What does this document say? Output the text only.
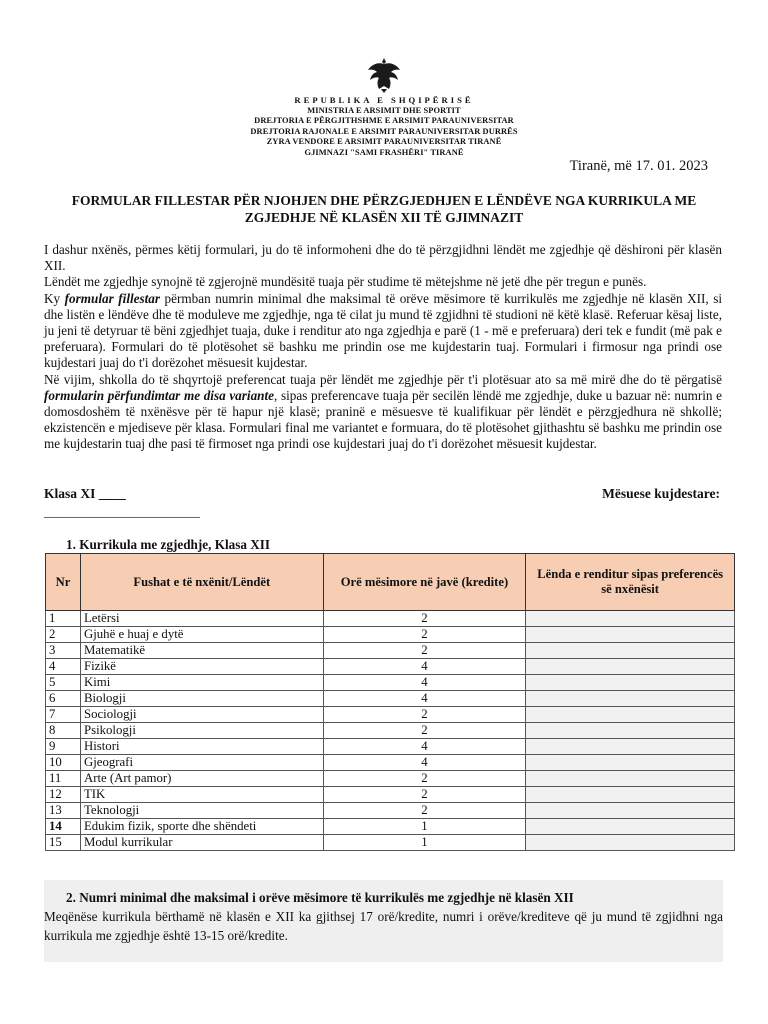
REPUBLIKA E SHQIPËRISË
MINISTRIA E ARSIMIT DHE SPORTIT
DREJTORIA E PËRGJITHSHME E ARSIMIT PARAUNIVERSITAR
DREJTORIA RAJONALE E ARSIMIT PARAUNIVERSITAR DURRËS
ZYRA VENDORE E ARSIMIT PARAUNIVERSITAR TIRANË
GJIMNAZI "SAMI FRASHËRI" TIRANË
Tiranë, më 17. 01. 2023
FORMULAR FILLESTAR PËR NJOHJEN DHE PËRZGJEDHJEN E LËNDËVE NGA KURRIKULA ME ZGJEDHJE NË KLASËN XII TË GJIMNAZIT

I dashur nxënës, përmes këtij formulari, ju do të informoheni dhe do të përzgjidhni lëndët me zgjedhje që dëshironi për klasën XII.

Lëndët me zgjedhje synojnë të zgjerojnë mundësitë tuaja për studime të mëtejshme në jetë dhe për tregun e punës.

Ky formular fillestar përmban numrin minimal dhe maksimal të orëve mësimore të kurrikulës me zgjedhje në klasën XII, si dhe listën e lëndëve dhe të moduleve me zgjedhje, nga të cilat ju mund të zgjidhni të studioni në këtë klasë. Referuar kësaj liste, ju jeni të detyruar të bëni zgjedhjet tuaja, duke i renditur ato nga zgjedhja e parë (1 - më e preferuara) deri tek e fundit (më pak e preferuara). Formulari do të plotësohet së bashku me prindin ose me kujdestarin tuaj. Formulari i firmosur nga prindi ose kujdestari juaj do t'i dorëzohet mësuesit kujdestar.

Në vijim, shkolla do të shqyrtojë preferencat tuaja për lëndët me zgjedhje për t'i plotësuar ato sa më mirë dhe do të përgatisë formularin përfundimtar me disa variante, sipas preferencave tuaja për secilën lëndë me zgjedhje, duke u bazuar në: numrin e domosdoshëm të nxënësve për të hapur një klasë; praninë e mësuesve të kualifikuar për lëndët e përzgjedhura në shkollë; ekzistencën e mjediseve për klasa. Formulari final me variantet e formuara, do të plotësohet gjithashtu së bashku me prindin ose me kujdestarin tuaj dhe pasi të firmoset nga prindi ose kujdestari juaj do t'i dorëzohet mësuesit kujdestar.

Klasa XI ____	Mësuese kujdestare:
________________________
1. Kurrikula me zgjedhje, Klasa XII
Nr	Fushat e të nxënit/Lëndët	Orë mësimore në javë (kredite)	Lënda e renditur sipas preferencës së nxënësit
1	Letërsi	2	
2	Gjuhë e huaj e dytë	2	
3	Matematikë	2	
4	Fizikë	4	
5	Kimi	4	
6	Biologji	4	
7	Sociologji	2	
8	Psikologji	2	
9	Histori	4	
10	Gjeografi	4	
11	Arte (Art pamor)	2	
12	TIK	2	
13	Teknologji	2	
14	Edukim fizik, sporte dhe shëndeti	1	
15	Modul kurrikular	1	
2. Numri minimal dhe maksimal i orëve mësimore të kurrikulës me zgjedhje në klasën XII
Meqënëse kurrikula bërthamë në klasën e XII ka gjithsej 17 orë/kredite, numri i orëve/krediteve që ju mund të zgjidhni nga kurrikula me zgjedhje është 13-15 orë/kredite.
